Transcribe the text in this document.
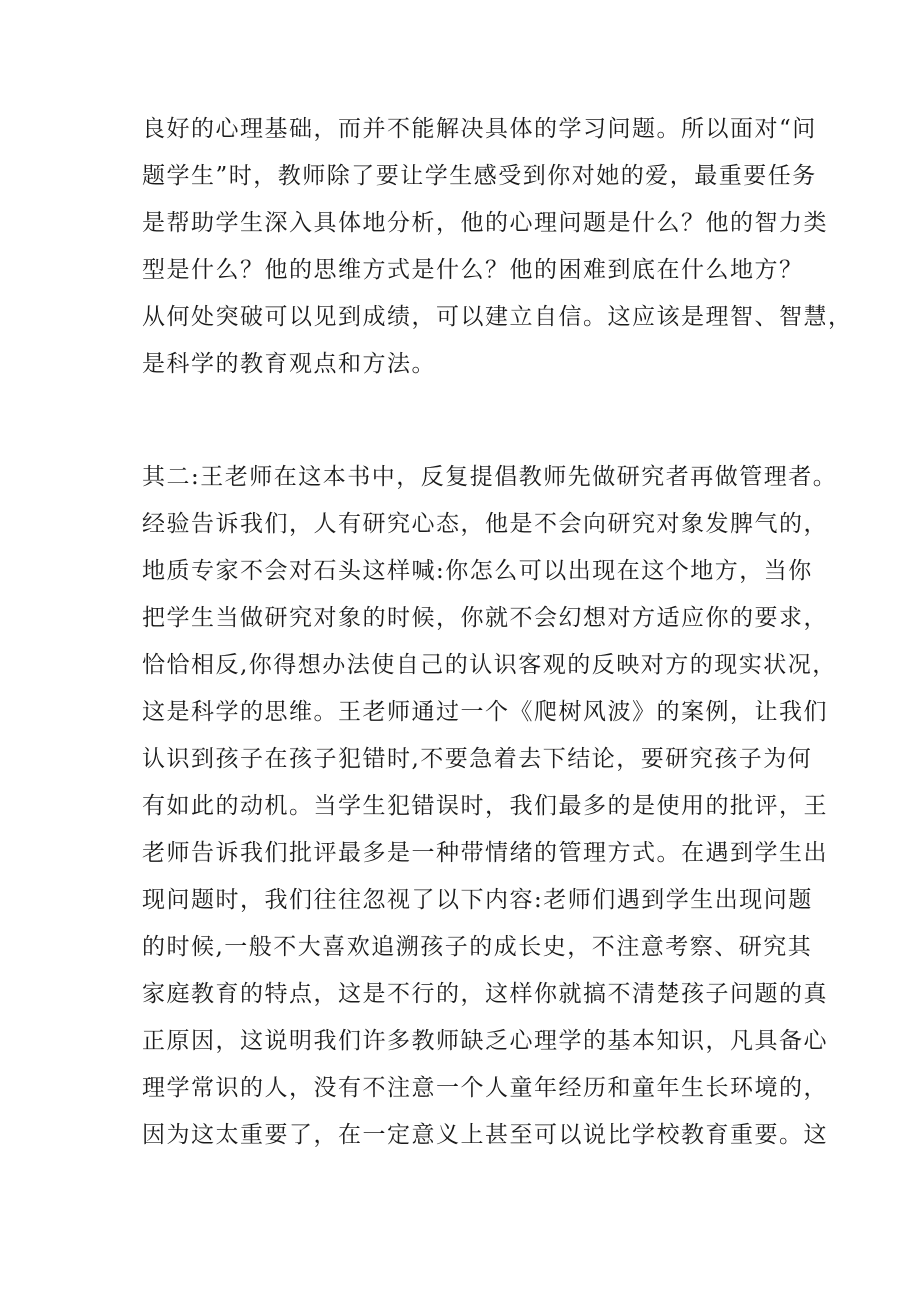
良好的心理基础，而并不能解决具体的学习问题。所以面对“问
题学生”时，教师除了要让学生感受到你对她的爱，最重要任务
是帮助学生深入具体地分析，他的心理问题是什么？他的智力类
型是什么？他的思维方式是什么？他的困难到底在什么地方？
从何处突破可以见到成绩，可以建立自信。这应该是理智、智慧，
是科学的教育观点和方法。
其二:王老师在这本书中，反复提倡教师先做研究者再做管理者。
经验告诉我们，人有研究心态，他是不会向研究对象发脾气的，
地质专家不会对石头这样喊:你怎么可以出现在这个地方，当你
把学生当做研究对象的时候，你就不会幻想对方适应你的要求，
恰恰相反,你得想办法使自己的认识客观的反映对方的现实状况，
这是科学的思维。王老师通过一个《爬树风波》的案例，让我们
认识到孩子在孩子犯错时,不要急着去下结论，要研究孩子为何
有如此的动机。当学生犯错误时，我们最多的是使用的批评，王
老师告诉我们批评最多是一种带情绪的管理方式。在遇到学生出
现问题时，我们往往忽视了以下内容:老师们遇到学生出现问题
的时候,一般不大喜欢追溯孩子的成长史，不注意考察、研究其
家庭教育的特点，这是不行的，这样你就搞不清楚孩子问题的真
正原因，这说明我们许多教师缺乏心理学的基本知识，凡具备心
理学常识的人，没有不注意一个人童年经历和童年生长环境的，
因为这太重要了，在一定意义上甚至可以说比学校教育重要。这
